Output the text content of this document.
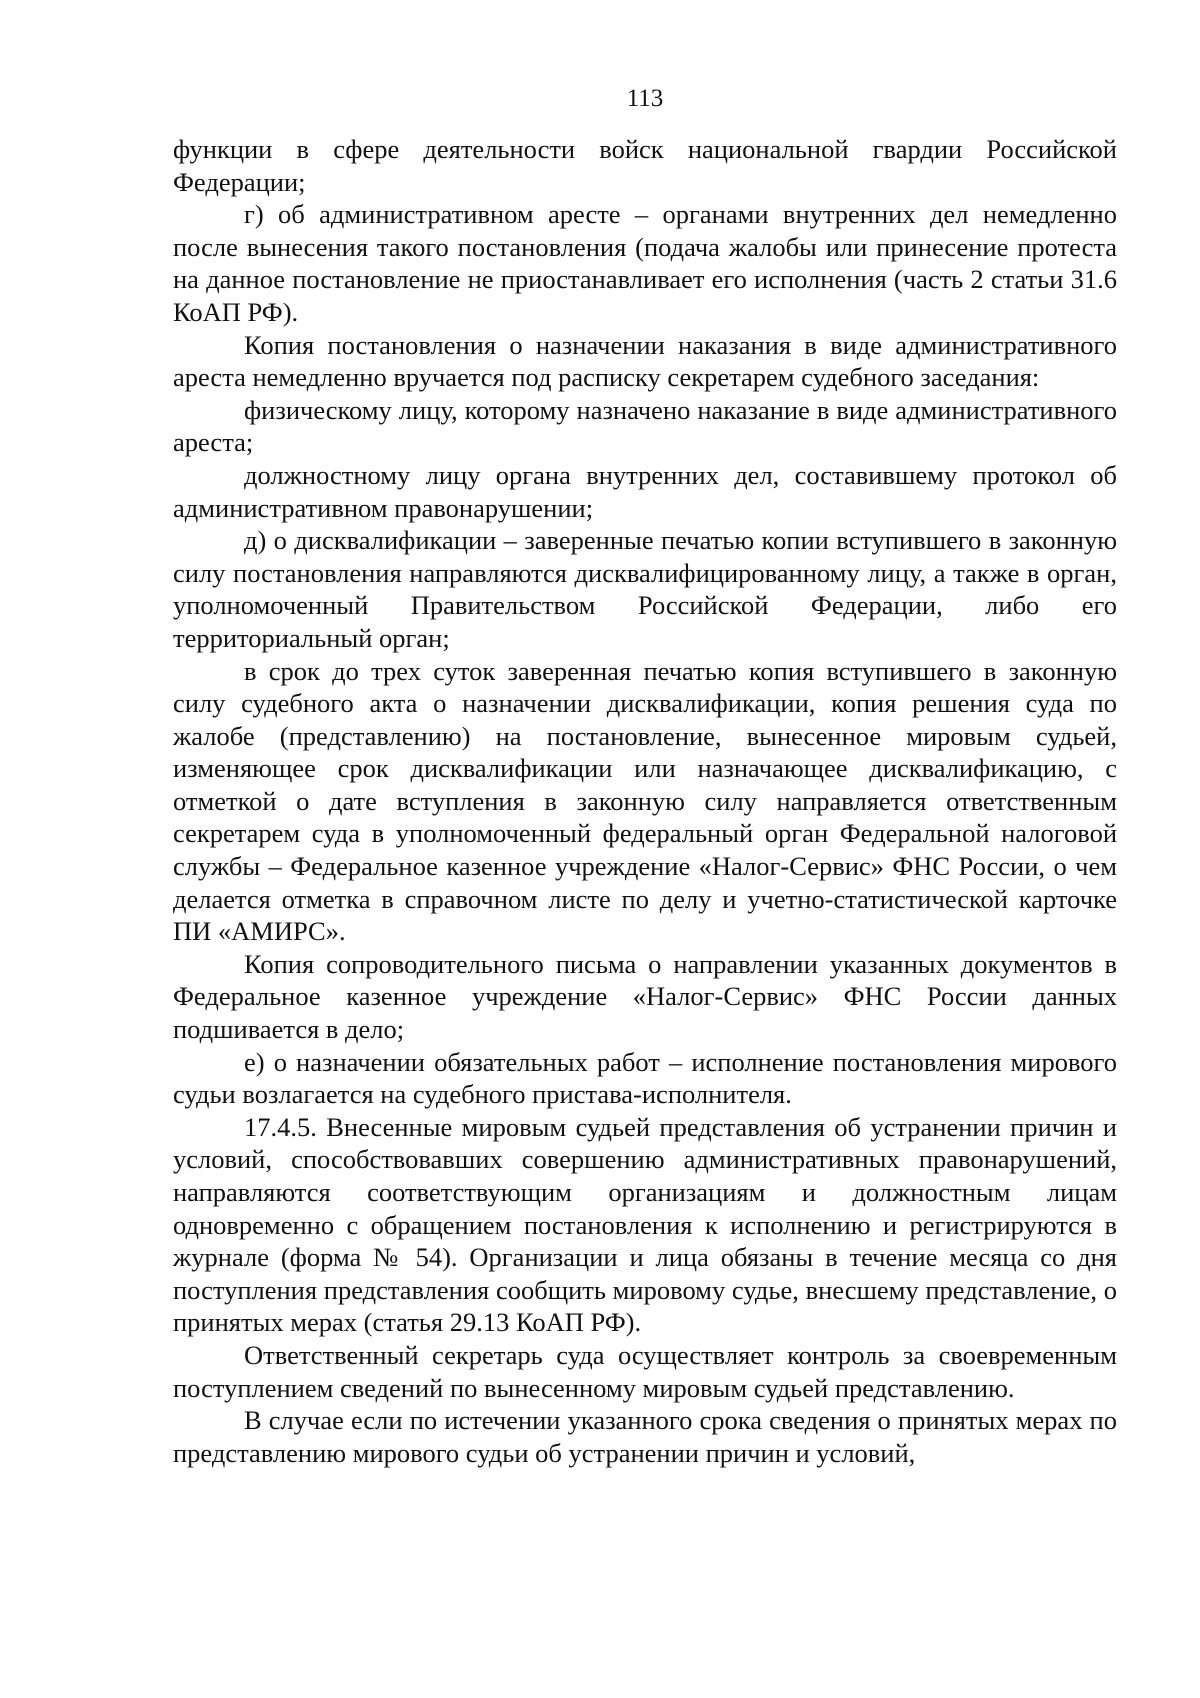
113

функции в сфере деятельности войск национальной гвардии Российской Федерации;

г) об административном аресте – органами внутренних дел немедленно после вынесения такого постановления (подача жалобы или принесение протеста на данное постановление не приостанавливает его исполнения (часть 2 статьи 31.6 КоАП РФ).

Копия постановления о назначении наказания в виде административного ареста немедленно вручается под расписку секретарем судебного заседания:

физическому лицу, которому назначено наказание в виде административного ареста;

должностному лицу органа внутренних дел, составившему протокол об административном правонарушении;

д) о дисквалификации – заверенные печатью копии вступившего в законную силу постановления направляются дисквалифицированному лицу, а также в орган, уполномоченный Правительством Российской Федерации, либо его территориальный орган;

в срок до трех суток заверенная печатью копия вступившего в законную силу судебного акта о назначении дисквалификации, копия решения суда по жалобе (представлению) на постановление, вынесенное мировым судьей, изменяющее срок дисквалификации или назначающее дисквалификацию, с отметкой о дате вступления в законную силу направляется ответственным секретарем суда в уполномоченный федеральный орган Федеральной налоговой службы – Федеральное казенное учреждение «Налог-Сервис» ФНС России, о чем делается отметка в справочном листе по делу и учетно-статистической карточке ПИ «АМИРС».

Копия сопроводительного письма о направлении указанных документов в Федеральное казенное учреждение «Налог-Сервис» ФНС России данных подшивается в дело;

е) о назначении обязательных работ – исполнение постановления мирового судьи возлагается на судебного пристава-исполнителя.

17.4.5. Внесенные мировым судьей представления об устранении причин и условий, способствовавших совершению административных правонарушений, направляются соответствующим организациям и должностным лицам одновременно с обращением постановления к исполнению и регистрируются в журнале (форма № 54). Организации и лица обязаны в течение месяца со дня поступления представления сообщить мировому судье, внесшему представление, о принятых мерах (статья 29.13 КоАП РФ).

Ответственный секретарь суда осуществляет контроль за своевременным поступлением сведений по вынесенному мировым судьей представлению.

В случае если по истечении указанного срока сведения о принятых мерах по представлению мирового судьи об устранении причин и условий,
